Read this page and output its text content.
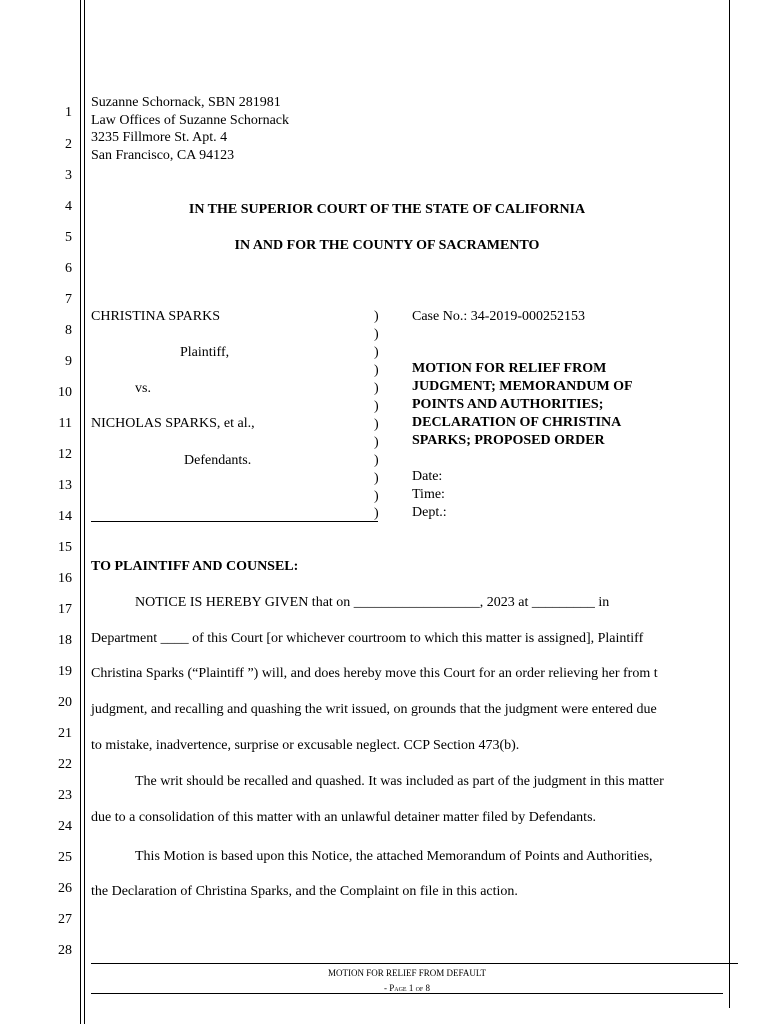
1
2
3
4
5
6
7
8
9
10
11
12
13
14
15
16
17
18
19
20
21
22
23
24
25
26
27
28
Suzanne Schornack, SBN 281981
Law Offices of Suzanne Schornack
3235 Fillmore St. Apt. 4
San Francisco, CA 94123
IN THE SUPERIOR COURT OF THE STATE OF CALIFORNIA
IN AND FOR THE COUNTY OF SACRAMENTO
CHRISTINA SPARKS
Plaintiff,
vs.
NICHOLAS SPARKS, et al.,
Defendants.
)
)
)
)
)
)
)
)
)
)
)
)
Case No.: 34-2019-000252153
MOTION FOR RELIEF FROM
JUDGMENT; MEMORANDUM OF
POINTS AND AUTHORITIES;
DECLARATION OF CHRISTINA
SPARKS; PROPOSED ORDER
Date:
Time:
Dept.:
TO PLAINTIFF AND COUNSEL:
NOTICE IS HEREBY GIVEN that on __________________, 2023 at _________ in
Department ____ of this Court [or whichever courtroom to which this matter is assigned], Plaintiff
Christina Sparks (“Plaintiff ”) will, and does hereby move this Court for an order relieving her from t
judgment, and recalling and quashing the writ issued, on grounds that the judgment were entered due
to mistake, inadvertence, surprise or excusable neglect. CCP Section 473(b).
The writ should be recalled and quashed. It was included as part of the judgment in this matter
due to a consolidation of this matter with an unlawful detainer matter filed by Defendants.
This Motion is based upon this Notice, the attached Memorandum of Points and Authorities,
the Declaration of Christina Sparks, and the Complaint on file in this action.
MOTION FOR RELIEF FROM DEFAULT
- Page 1 of 8
